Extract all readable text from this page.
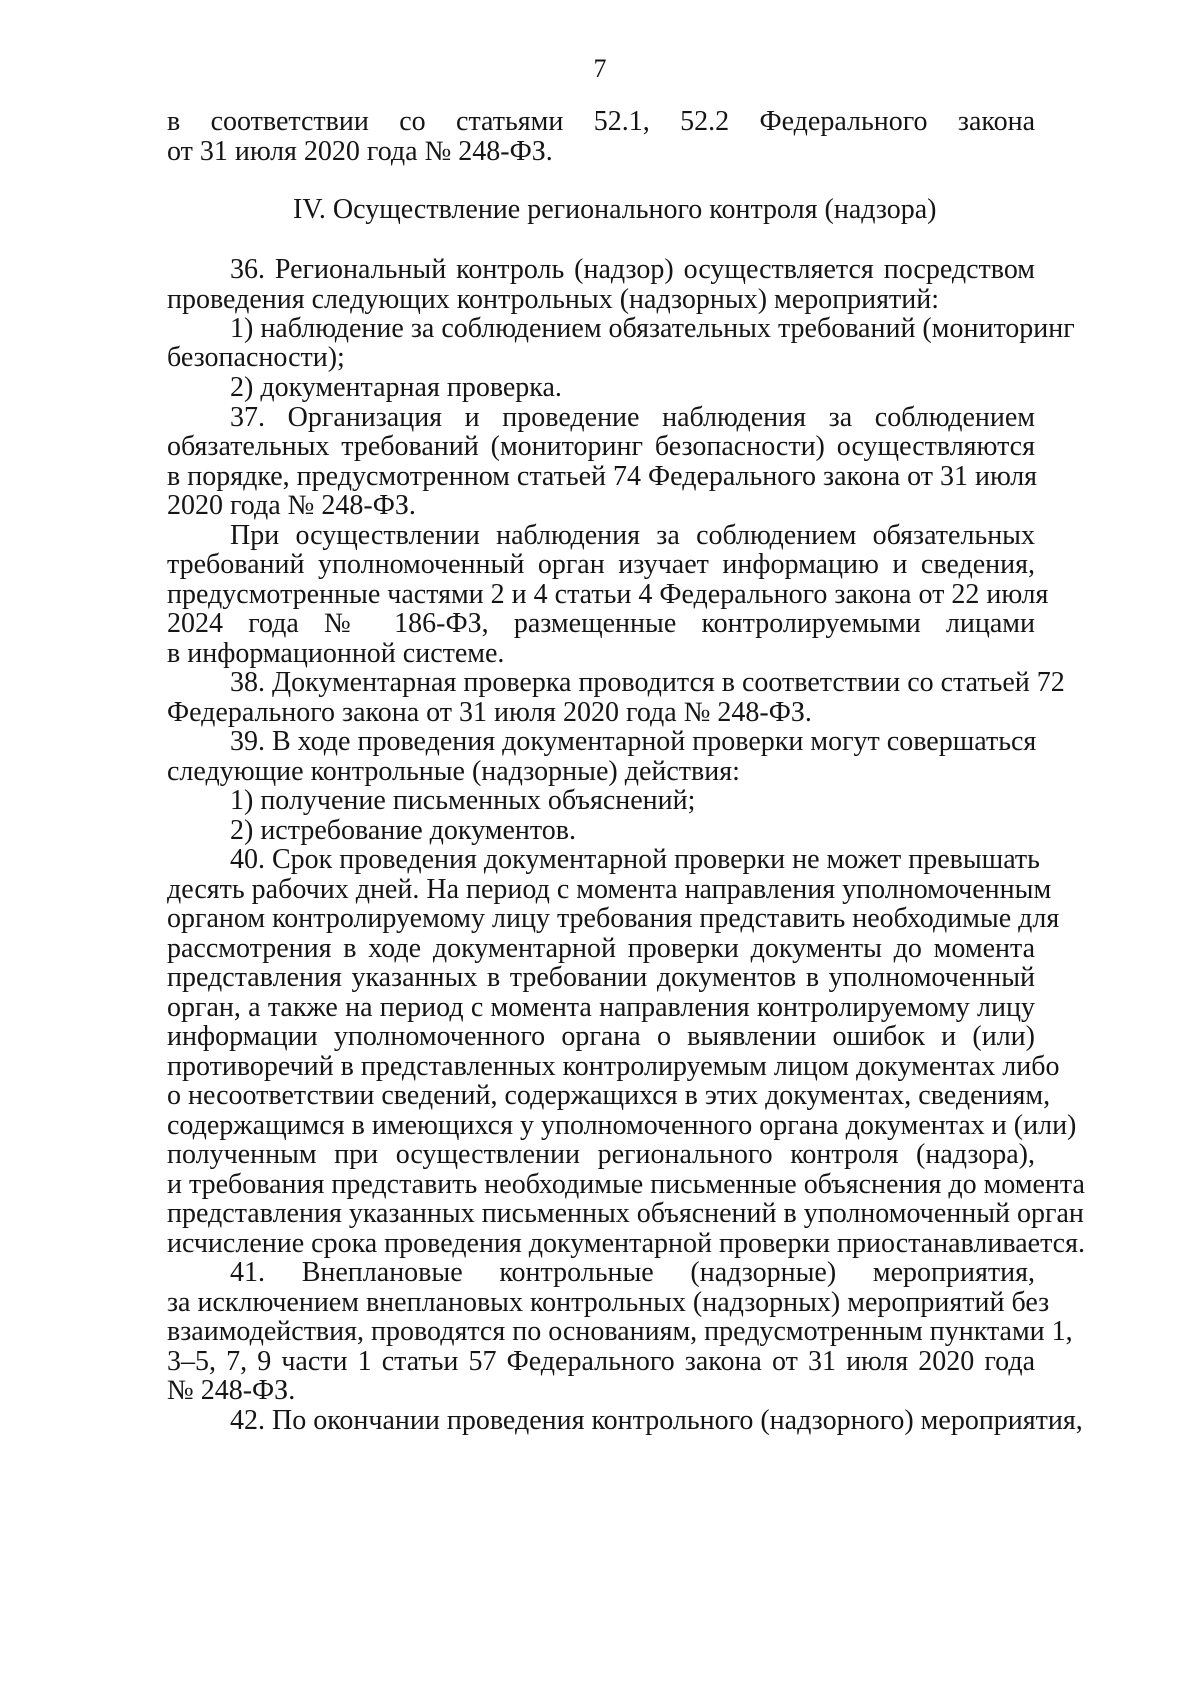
7
в соответствии со статьями 52.1, 52.2 Федерального закона
от 31 июля 2020 года № 248-ФЗ.
IV. Осуществление регионального контроля (надзора)
36. Региональный контроль (надзор) осуществляется посредством
проведения следующих контрольных (надзорных) мероприятий:
1) наблюдение за соблюдением обязательных требований (мониторинг
безопасности);
2) документарная проверка.
37. Организация и проведение наблюдения за соблюдением
обязательных требований (мониторинг безопасности) осуществляются
в порядке, предусмотренном статьей 74 Федерального закона от 31 июля
2020 года № 248-ФЗ.
При осуществлении наблюдения за соблюдением обязательных
требований уполномоченный орган изучает информацию и сведения,
предусмотренные частями 2 и 4 статьи 4 Федерального закона от 22 июля
2024 года № 186-ФЗ, размещенные контролируемыми лицами
в информационной системе.
38. Документарная проверка проводится в соответствии со статьей 72
Федерального закона от 31 июля 2020 года № 248-ФЗ.
39. В ходе проведения документарной проверки могут совершаться
следующие контрольные (надзорные) действия:
1) получение письменных объяснений;
2) истребование документов.
40. Срок проведения документарной проверки не может превышать
десять рабочих дней. На период с момента направления уполномоченным
органом контролируемому лицу требования представить необходимые для
рассмотрения в ходе документарной проверки документы до момента
представления указанных в требовании документов в уполномоченный
орган, а также на период с момента направления контролируемому лицу
информации уполномоченного органа о выявлении ошибок и (или)
противоречий в представленных контролируемым лицом документах либо
о несоответствии сведений, содержащихся в этих документах, сведениям,
содержащимся в имеющихся у уполномоченного органа документах и (или)
полученным при осуществлении регионального контроля (надзора),
и требования представить необходимые письменные объяснения до момента
представления указанных письменных объяснений в уполномоченный орган
исчисление срока проведения документарной проверки приостанавливается.
41. Внеплановые контрольные (надзорные) мероприятия,
за исключением внеплановых контрольных (надзорных) мероприятий без
взаимодействия, проводятся по основаниям, предусмотренным пунктами 1,
3–5, 7, 9 части 1 статьи 57 Федерального закона от 31 июля 2020 года
№ 248-ФЗ.
42. По окончании проведения контрольного (надзорного) мероприятия,
